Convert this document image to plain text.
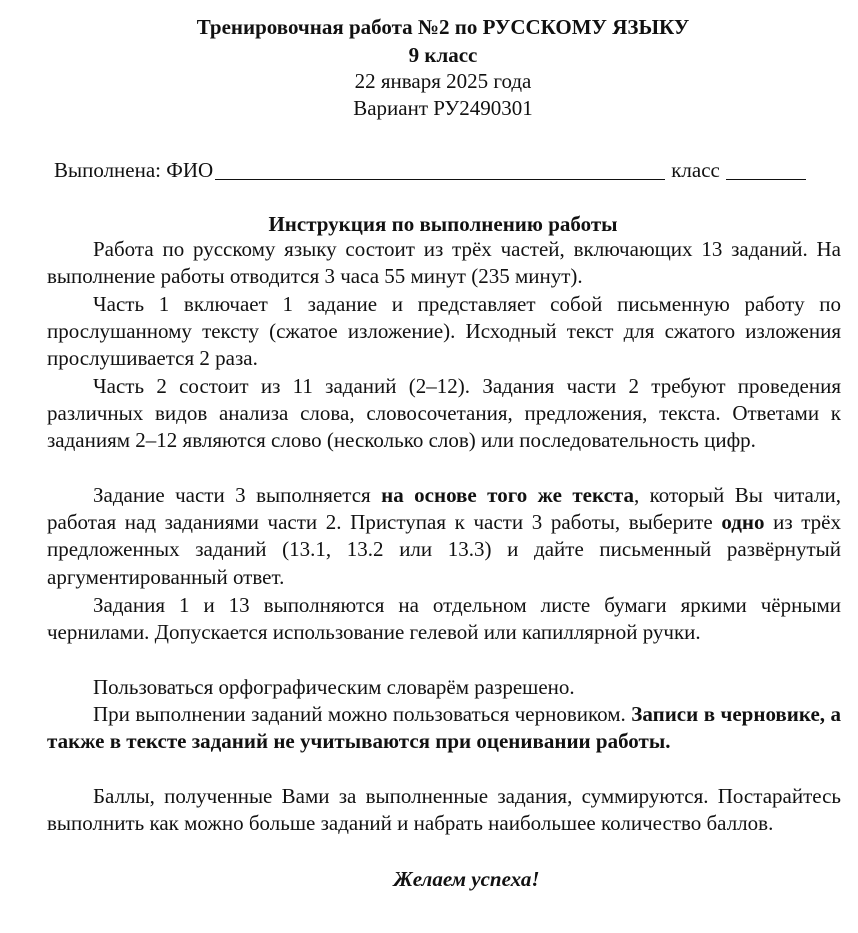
Тренировочная работа №2 по РУССКОМУ ЯЗЫКУ
9 класс
22 января 2025 года
Вариант РУ2490301
Выполнена: ФИО	класс
Инструкция по выполнению работы

Работа по русскому языку состоит из трёх частей, включающих 13 заданий. На выполнение работы отводится 3 часа 55 минут (235 минут).

Часть 1 включает 1 задание и представляет собой письменную работу по прослушанному тексту (сжатое изложение). Исходный текст для сжатого изложения прослушивается 2 раза.

Часть 2 состоит из 11 заданий (2–12). Задания части 2 требуют проведения различных видов анализа слова, словосочетания, предложения, текста. Ответами к заданиям 2–12 являются слово (несколько слов) или последовательность цифр.

Задание части 3 выполняется на основе того же текста, который Вы читали, работая над заданиями части 2. Приступая к части 3 работы, выберите одно из трёх предложенных заданий (13.1, 13.2 или 13.3) и дайте письменный развёрнутый аргументированный ответ.

Задания 1 и 13 выполняются на отдельном листе бумаги яркими чёрными чернилами. Допускается использование гелевой или капиллярной ручки.

Пользоваться орфографическим словарём разрешено.

При выполнении заданий можно пользоваться черновиком. Записи в черновике, а также в тексте заданий не учитываются при оценивании работы.

Баллы, полученные Вами за выполненные задания, суммируются. Постарайтесь выполнить как можно больше заданий и набрать наибольшее количество баллов.

Желаем успеха!
